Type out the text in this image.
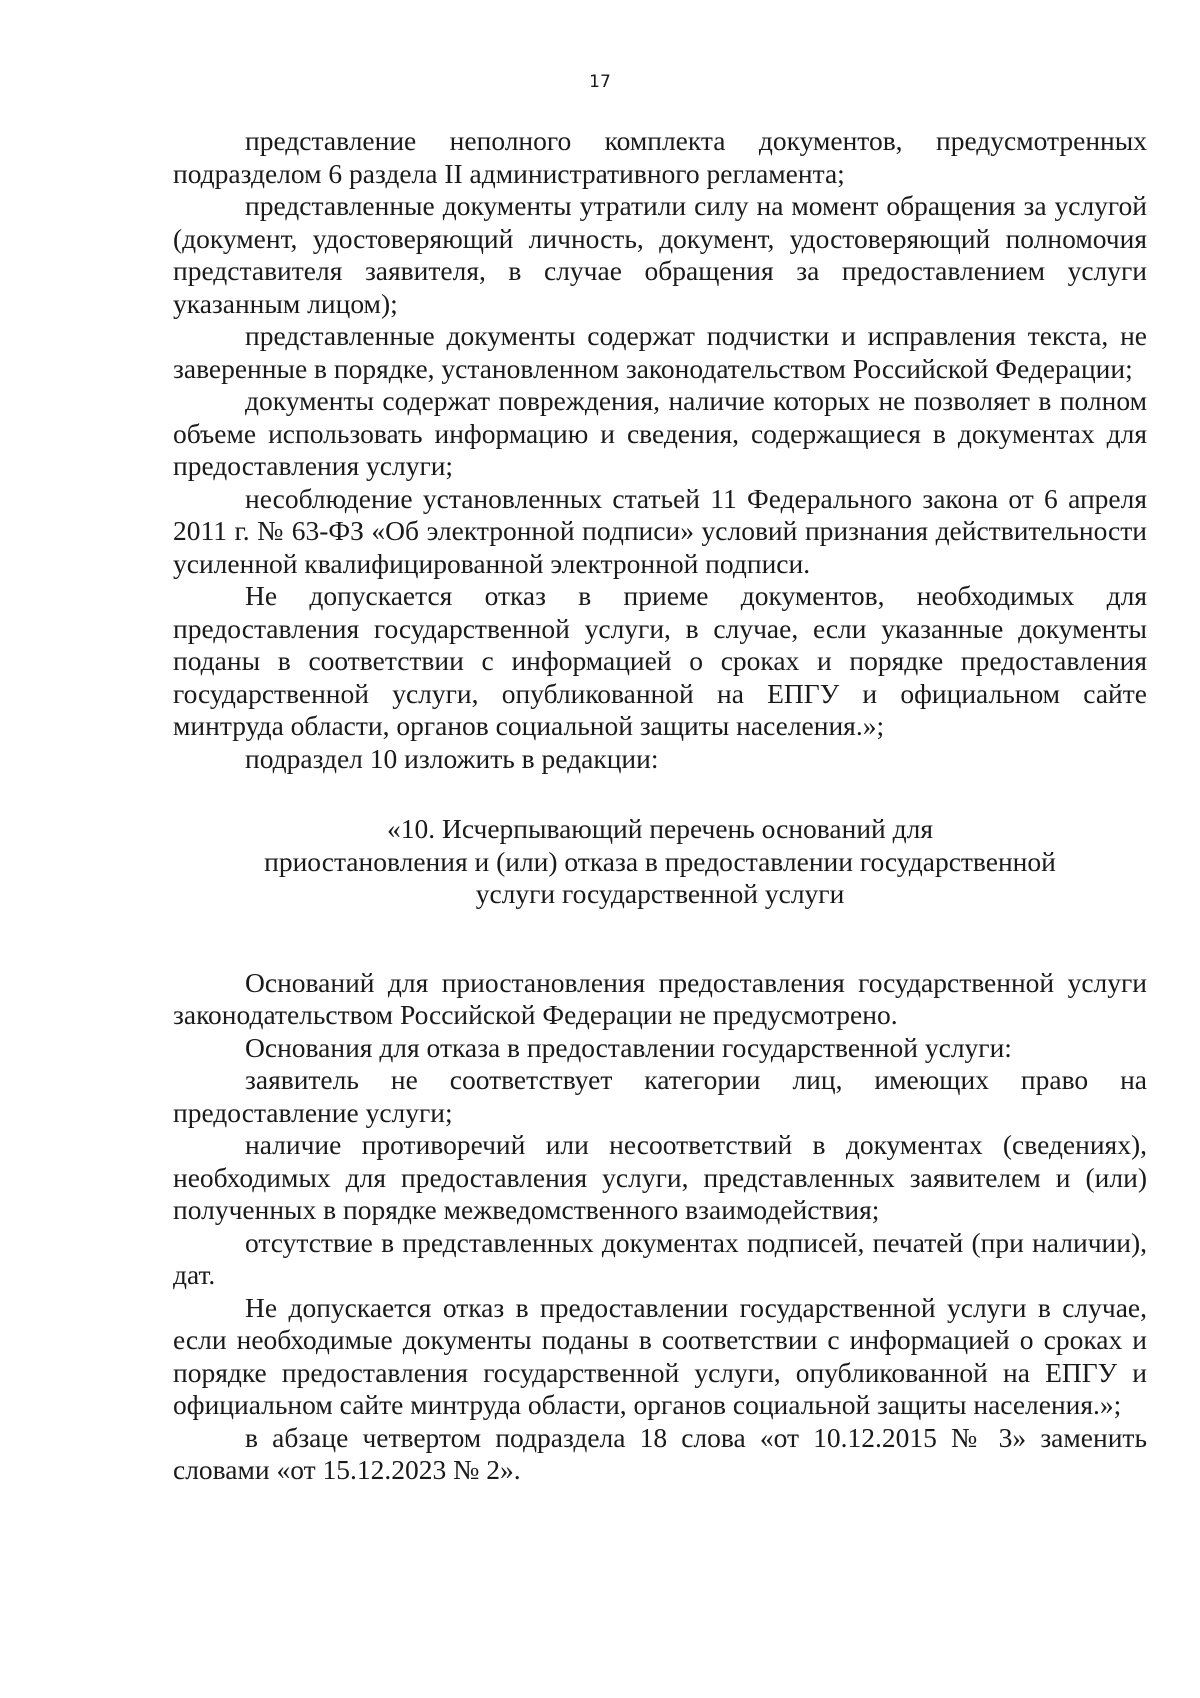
17

представление неполного комплекта документов, предусмотренных подразделом 6 раздела II административного регламента;

представленные документы утратили силу на момент обращения за услугой (документ, удостоверяющий личность, документ, удостоверяющий полномочия представителя заявителя, в случае обращения за предоставлением услуги указанным лицом);

представленные документы содержат подчистки и исправления текста, не заверенные в порядке, установленном законодательством Российской Федерации;

документы содержат повреждения, наличие которых не позволяет в полном объеме использовать информацию и сведения, содержащиеся в документах для предоставления услуги;

несоблюдение установленных статьей 11 Федерального закона от 6 апреля 2011 г. № 63-ФЗ «Об электронной подписи» условий признания действительности усиленной квалифицированной электронной подписи.

Не допускается отказ в приеме документов, необходимых для предоставления государственной услуги, в случае, если указанные документы поданы в соответствии с информацией о сроках и порядке предоставления государственной услуги, опубликованной на ЕПГУ и официальном сайте минтруда области, органов социальной защиты населения.»;

подраздел 10 изложить в редакции:

«10. Исчерпывающий перечень оснований для
приостановления и (или) отказа в предоставлении государственной
услуги государственной услуги

Оснований для приостановления предоставления государственной услуги законодательством Российской Федерации не предусмотрено.

Основания для отказа в предоставлении государственной услуги:

заявитель не соответствует категории лиц, имеющих право на предоставление услуги;

наличие противоречий или несоответствий в документах (сведениях), необходимых для предоставления услуги, представленных заявителем и (или) полученных в порядке межведомственного взаимодействия;

отсутствие в представленных документах подписей, печатей (при наличии), дат.

Не допускается отказ в предоставлении государственной услуги в случае, если необходимые документы поданы в соответствии с информацией о сроках и порядке предоставления государственной услуги, опубликованной на ЕПГУ и официальном сайте минтруда области, органов социальной защиты населения.»;

в абзаце четвертом подраздела 18 слова «от 10.12.2015 № 3» заменить словами «от 15.12.2023 № 2».
